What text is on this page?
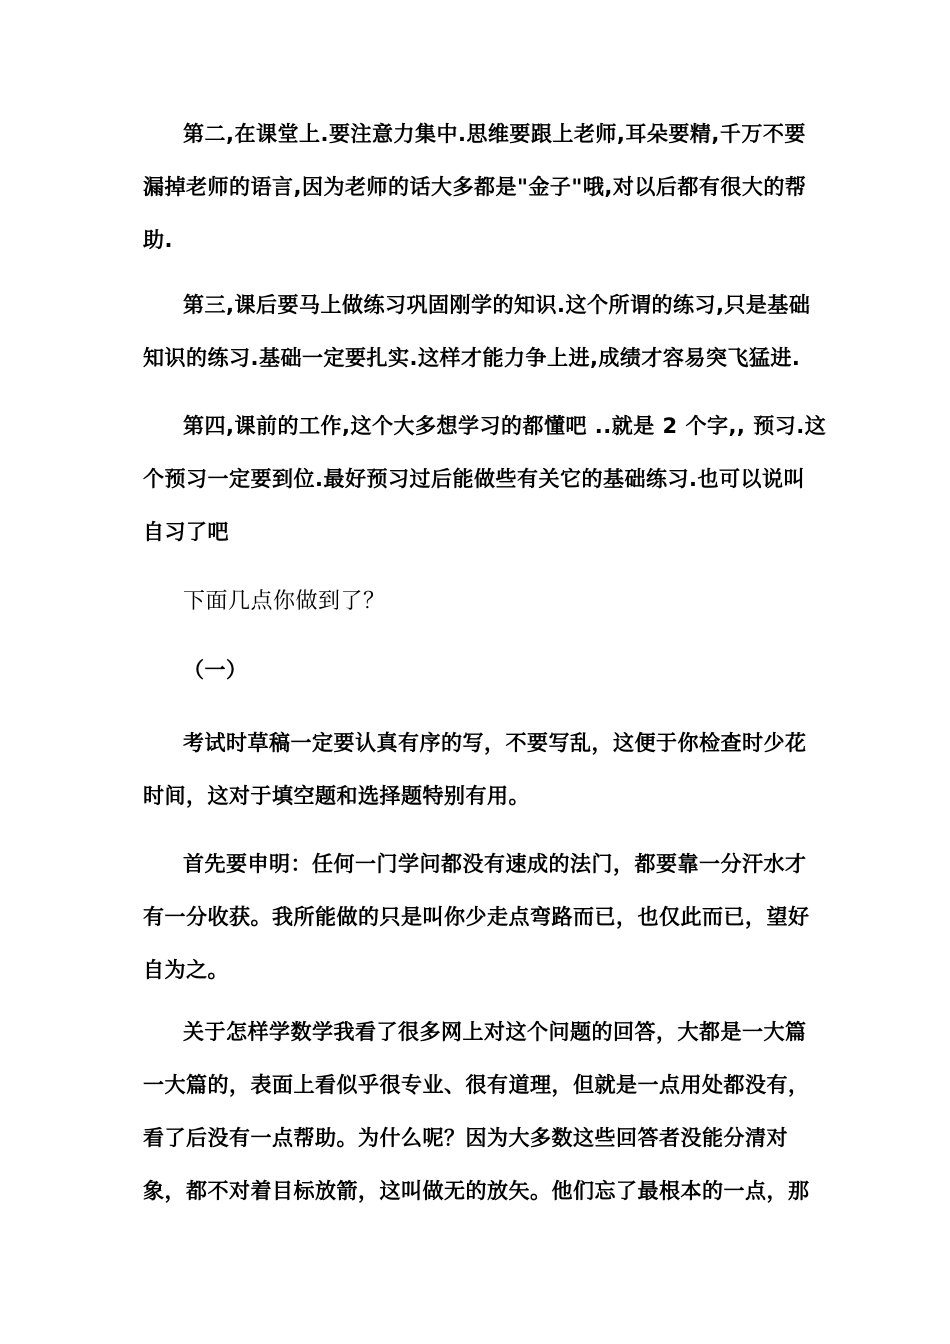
第二,在课堂上.要注意力集中.思维要跟上老师,耳朵要精,千万不要
漏掉老师的语言,因为老师的话大多都是"金子"哦,对以后都有很大的帮
助.
第三,课后要马上做练习巩固刚学的知识.这个所谓的练习,只是基础
知识的练习.基础一定要扎实.这样才能力争上进,成绩才容易突飞猛进.
第四,课前的工作,这个大多想学习的都懂吧 ..就是 2 个字,, 预习.这
个预习一定要到位.最好预习过后能做些有关它的基础练习.也可以说叫
自习了吧
下面几点你做到了？
（一）
考试时草稿一定要认真有序的写，不要写乱，这便于你检查时少花
时间，这对于填空题和选择题特别有用。
首先要申明：任何一门学问都没有速成的法门，都要靠一分汗水才
有一分收获。我所能做的只是叫你少走点弯路而已，也仅此而已，望好
自为之。
关于怎样学数学我看了很多网上对这个问题的回答，大都是一大篇
一大篇的，表面上看似乎很专业、很有道理，但就是一点用处都没有，
看了后没有一点帮助。为什么呢？因为大多数这些回答者没能分清对
象，都不对着目标放箭，这叫做无的放矢。他们忘了最根本的一点，那
